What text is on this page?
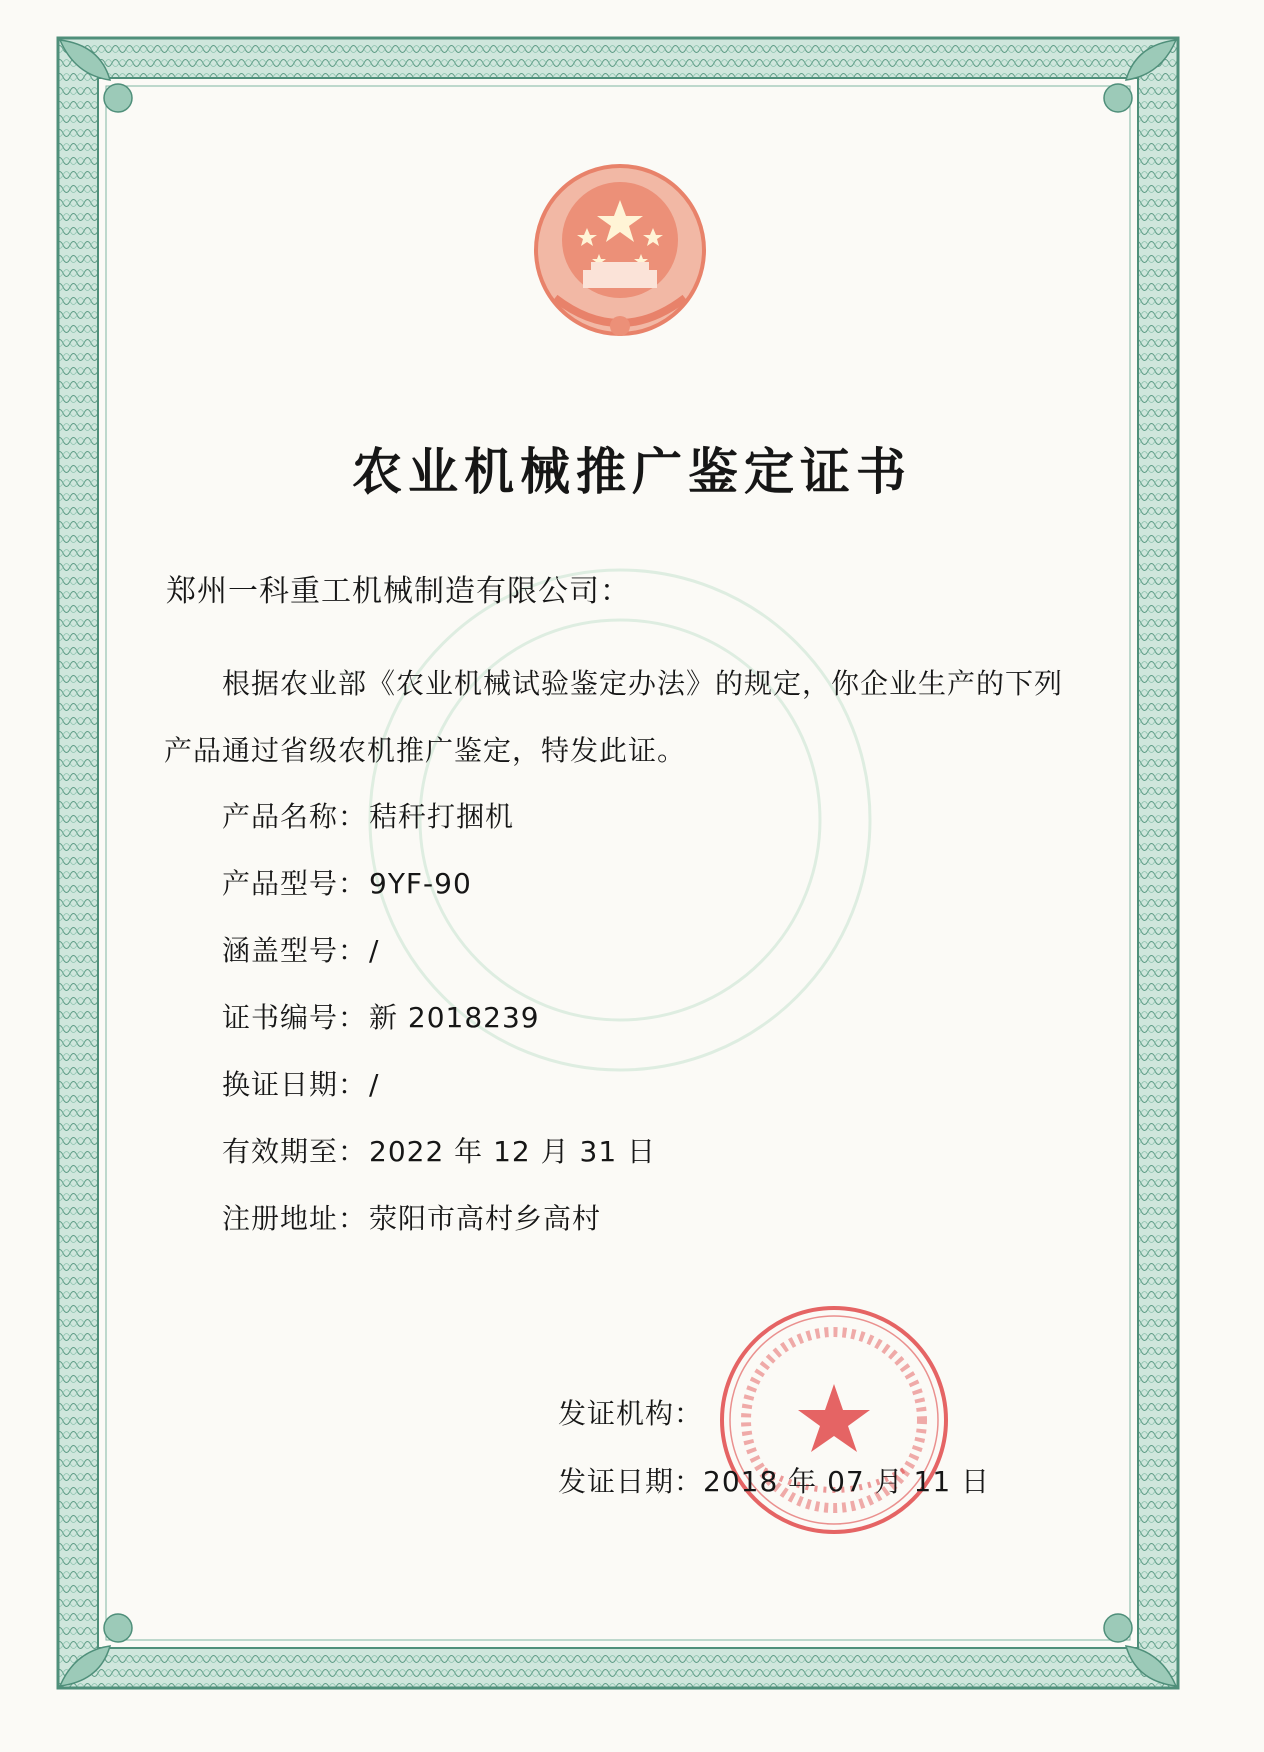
农业机械推广鉴定证书
郑州一科重工机械制造有限公司：
根据农业部《农业机械试验鉴定办法》的规定，你企业生产的下列
产品通过省级农机推广鉴定，特发此证。
产品名称：秸秆打捆机
产品型号：9YF-90
涵盖型号：/
证书编号：新 2018239
换证日期：/
有效期至：2022 年 12 月 31 日
注册地址：荥阳市高村乡高村
发证机构：
发证日期：2018 年 07 月 11 日
